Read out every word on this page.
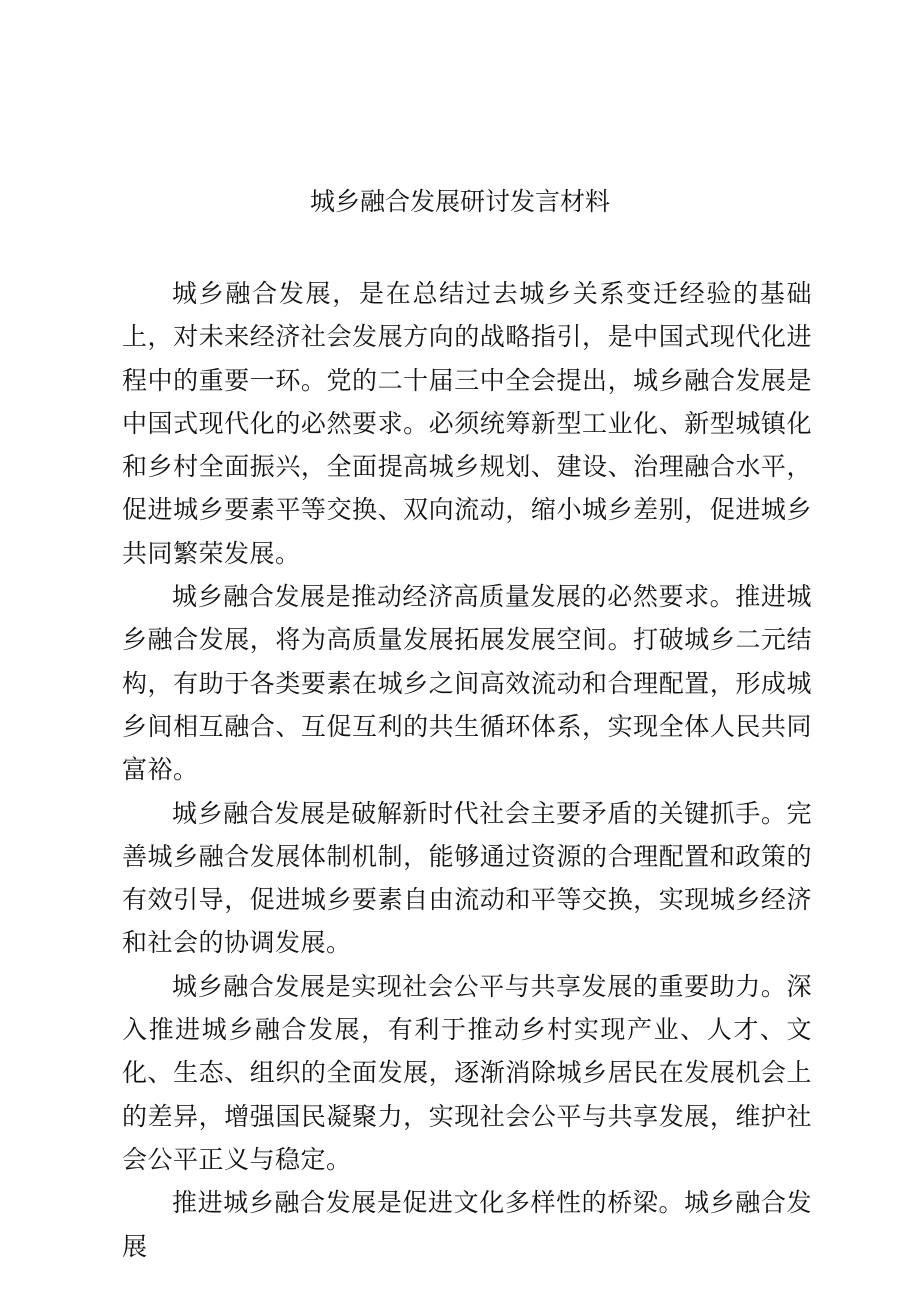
城乡融合发展研讨发言材料

城乡融合发展，是在总结过去城乡关系变迁经验的基础上，对未来经济社会发展方向的战略指引，是中国式现代化进程中的重要一环。党的二十届三中全会提出，城乡融合发展是中国式现代化的必然要求。必须统筹新型工业化、新型城镇化和乡村全面振兴，全面提高城乡规划、建设、治理融合水平，促进城乡要素平等交换、双向流动，缩小城乡差别，促进城乡共同繁荣发展。

城乡融合发展是推动经济高质量发展的必然要求。推进城乡融合发展，将为高质量发展拓展发展空间。打破城乡二元结构，有助于各类要素在城乡之间高效流动和合理配置，形成城乡间相互融合、互促互利的共生循环体系，实现全体人民共同富裕。

城乡融合发展是破解新时代社会主要矛盾的关键抓手。完善城乡融合发展体制机制，能够通过资源的合理配置和政策的有效引导，促进城乡要素自由流动和平等交换，实现城乡经济和社会的协调发展。

城乡融合发展是实现社会公平与共享发展的重要助力。深入推进城乡融合发展，有利于推动乡村实现产业、人才、文化、生态、组织的全面发展，逐渐消除城乡居民在发展机会上的差异，增强国民凝聚力，实现社会公平与共享发展，维护社会公平正义与稳定。

推进城乡融合发展是促进文化多样性的桥梁。城乡融合发展
